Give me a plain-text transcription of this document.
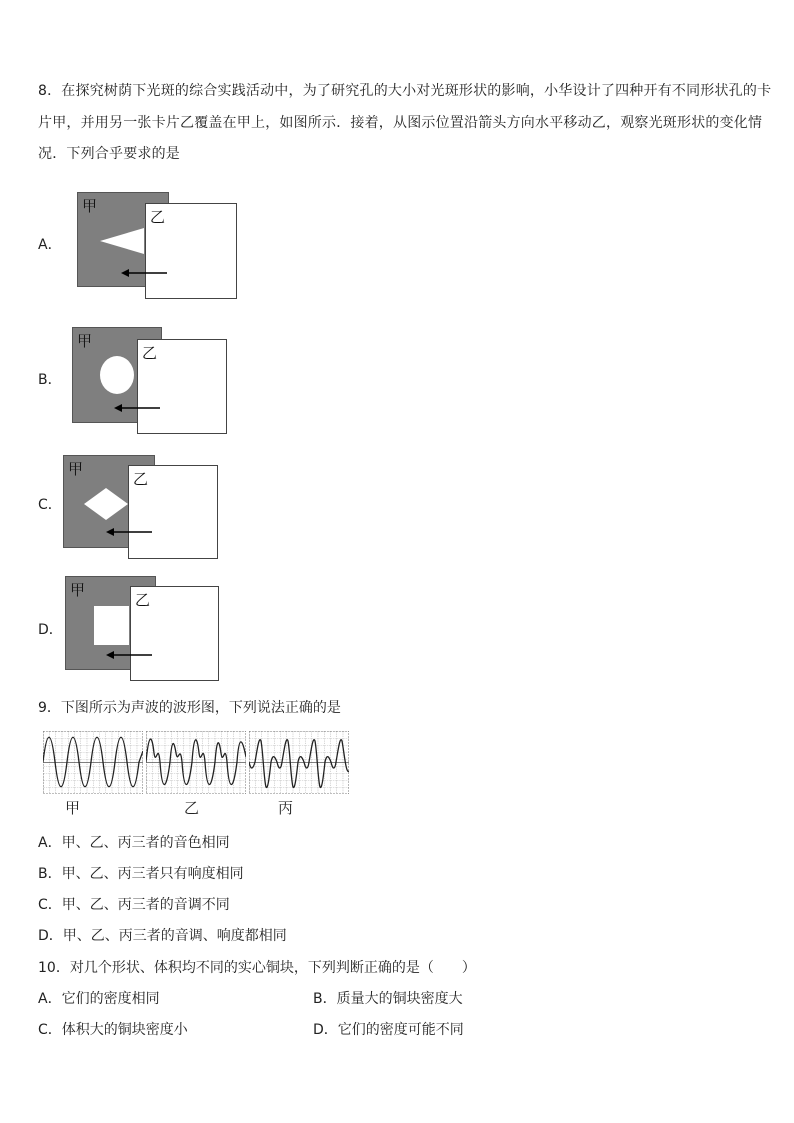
8．在探究树荫下光斑的综合实践活动中，为了研究孔的大小对光斑形状的影响，小华设计了四种开有不同形状孔的卡
片甲，并用另一张卡片乙覆盖在甲上，如图所示．接着，从图示位置沿箭头方向水平移动乙，观察光斑形状的变化情
况．下列合乎要求的是
A．
甲
乙
B．
甲
乙
C．
甲
乙
D．
甲
乙
9．下图所示为声波的波形图，下列说法正确的是
甲	乙	丙
A．甲、乙、丙三者的音色相同
B．甲、乙、丙三者只有响度相同
C．甲、乙、丙三者的音调不同
D．甲、乙、丙三者的音调、响度都相同
10．对几个形状、体积均不同的实心铜块，下列判断正确的是（　　）
A．它们的密度相同	B．质量大的铜块密度大
C．体积大的铜块密度小	D．它们的密度可能不同
